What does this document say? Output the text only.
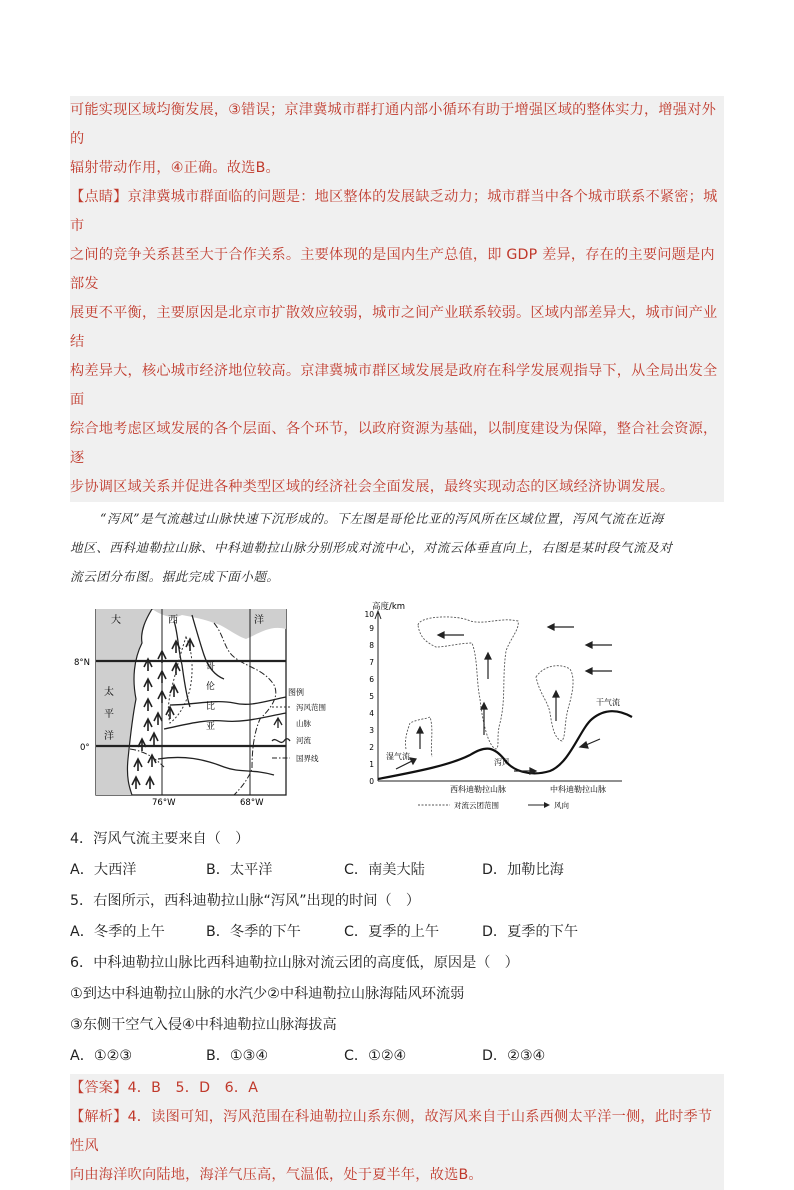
可能实现区域均衡发展，③错误；京津冀城市群打通内部小循环有助于增强区域的整体实力，增强对外的

辐射带动作用，④正确。故选B。

【点睛】京津冀城市群面临的问题是：地区整体的发展缺乏动力；城市群当中各个城市联系不紧密；城市

之间的竞争关系甚至大于合作关系。主要体现的是国内生产总值，即 GDP 差异，存在的主要问题是内部发

展更不平衡，主要原因是北京市扩散效应较弱，城市之间产业联系较弱。区域内部差异大，城市间产业结

构差异大，核心城市经济地位较高。京津冀城市群区域发展是政府在科学发展观指导下，从全局出发全面

综合地考虑区域发展的各个层面、各个环节，以政府资源为基础，以制度建设为保障，整合社会资源，逐

步协调区域关系并促进各种类型区域的经济社会全面发展，最终实现动态的区域经济协调发展。

“泻风”是气流越过山脉快速下沉形成的。下左图是哥伦比亚的泻风所在区域位置，泻风气流在近海

地区、西科迪勒拉山脉、中科迪勒拉山脉分别形成对流中心，对流云体垂直向上，右图是某时段气流及对

流云团分布图。据此完成下面小题。

大	西	洋
太
平
洋
哥
伦
比
亚
8°N
0°
76°W	68°W
图例
泻风范围
山脉
河流
国界线
高度/km
0
1
2
3
4
5
6
7
8
9
10
湿气流
泻风
干气流
西科迪勒拉山脉	中科迪勒拉山脉
对流云团范围	风向

4．泻风气流主要来自（　）

A．大西洋	B．太平洋	C．南美大陆	D．加勒比海

5．右图所示，西科迪勒拉山脉“泻风”出现的时间（　）

A．冬季的上午	B．冬季的下午	C．夏季的上午	D．夏季的下午

6．中科迪勒拉山脉比西科迪勒拉山脉对流云团的高度低，原因是（　）

①到达中科迪勒拉山脉的水汽少②中科迪勒拉山脉海陆风环流弱

③东侧干空气入侵④中科迪勒拉山脉海拔高

A．①②③	B．①③④	C．①②④	D．②③④

【答案】4．B　5．D　6．A

【解析】4．读图可知，泻风范围在科迪勒拉山系东侧，故泻风来自于山系西侧太平洋一侧，此时季节性风

向由海洋吹向陆地，海洋气压高，气温低，处于夏半年，故选B。
